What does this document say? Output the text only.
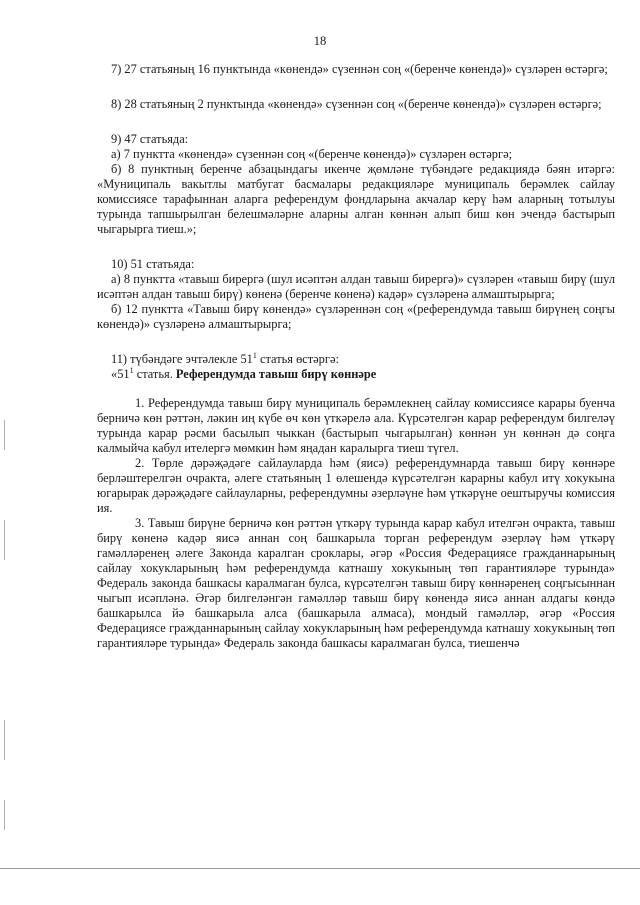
18

7) 27 статьяның 16 пунктында «көнендә» сүзеннән соң «(беренче көнендә)» сүзләрен өстәргә;

8) 28 статьяның 2 пунктында «көнендә» сүзеннән соң «(беренче көнендә)» сүзләрен өстәргә;

9) 47 статьяда:

а) 7 пунктта «көнендә» сүзеннән соң «(беренче көнендә)» сүзләрен өстәргә;

б) 8 пунктның беренче абзацындагы икенче җөмләне түбәндәге редакциядә бәян итәргә: «Муниципаль вакытлы матбугат басмалары редакцияләре муниципаль берәмлек сайлау комиссиясе тарафыннан аларга референдум фондларына акчалар керү һәм аларның тотылуы турында тапшырылган белешмәләрне аларны алган көннән алып биш көн эчендә бастырып чыгарырга тиеш.»;

10) 51 статьяда:

а) 8 пунктта «тавыш бирергә (шул исәптән алдан тавыш бирергә)» сүзләрен «тавыш бирү (шул исәптән алдан тавыш бирү) көненә (беренче көненә) кадәр» сүзләренә алмаштырырга;

б) 12 пунктта «Тавыш бирү көнендә» сүзләреннән соң «(референдумда тавыш бирүнең соңгы көнендә)» сүзләренә алмаштырырга;

11) түбәндәге эчтәлекле $51^1$ статья өстәргә:

«$51^1$ статья. Референдумда тавыш бирү көннәре

1. Референдумда тавыш бирү муниципаль берәмлекнең сайлау комиссиясе карары буенча берничә көн рәттән, ләкин иң күбе өч көн үткәрелә ала. Күрсәтелгән карар референдум билгеләү турында карар рәсми басылып чыккан (бастырып чыгарылган) көннән ун көннән дә соңга калмыйча кабул ителергә мөмкин һәм яңадан каралырга тиеш түгел.

2. Төрле дәрәҗәдәге сайлауларда һәм (яисә) референдумнарда тавыш бирү көннәре берләштерелгән очракта, әлеге статьяның 1 өлешендә күрсәтелгән карарны кабул итү хокукына югарырак дәрәҗәдәге сайлауларны, референдумны әзерләүне һәм үткәрүне оештыручы комиссия ия.

3. Тавыш бирүне берничә көн рәттән үткәрү турында карар кабул ителгән очракта, тавыш бирү көненә кадәр яисә аннан соң башкарыла торган референдум әзерләү һәм үткәрү гамәлләренең әлеге Законда каралган сроклары, әгәр «Россия Федерациясе гражданнарының сайлау хокукларының һәм референдумда катнашу хокукының төп гарантияләре турында» Федераль законда башкасы каралмаган булса, күрсәтелгән тавыш бирү көннәренең соңгысыннан чыгып исәпләнә. Әгәр билгеләнгән гамәлләр тавыш бирү көнендә яисә аннан алдагы көндә башкарылса йә башкарыла алса (башкарыла алмаса), мондый гамәлләр, әгәр «Россия Федерациясе гражданнарының сайлау хокукларының һәм референдумда катнашу хокукының төп гарантияләре турында» Федераль законда башкасы каралмаган булса, тиешенчә
